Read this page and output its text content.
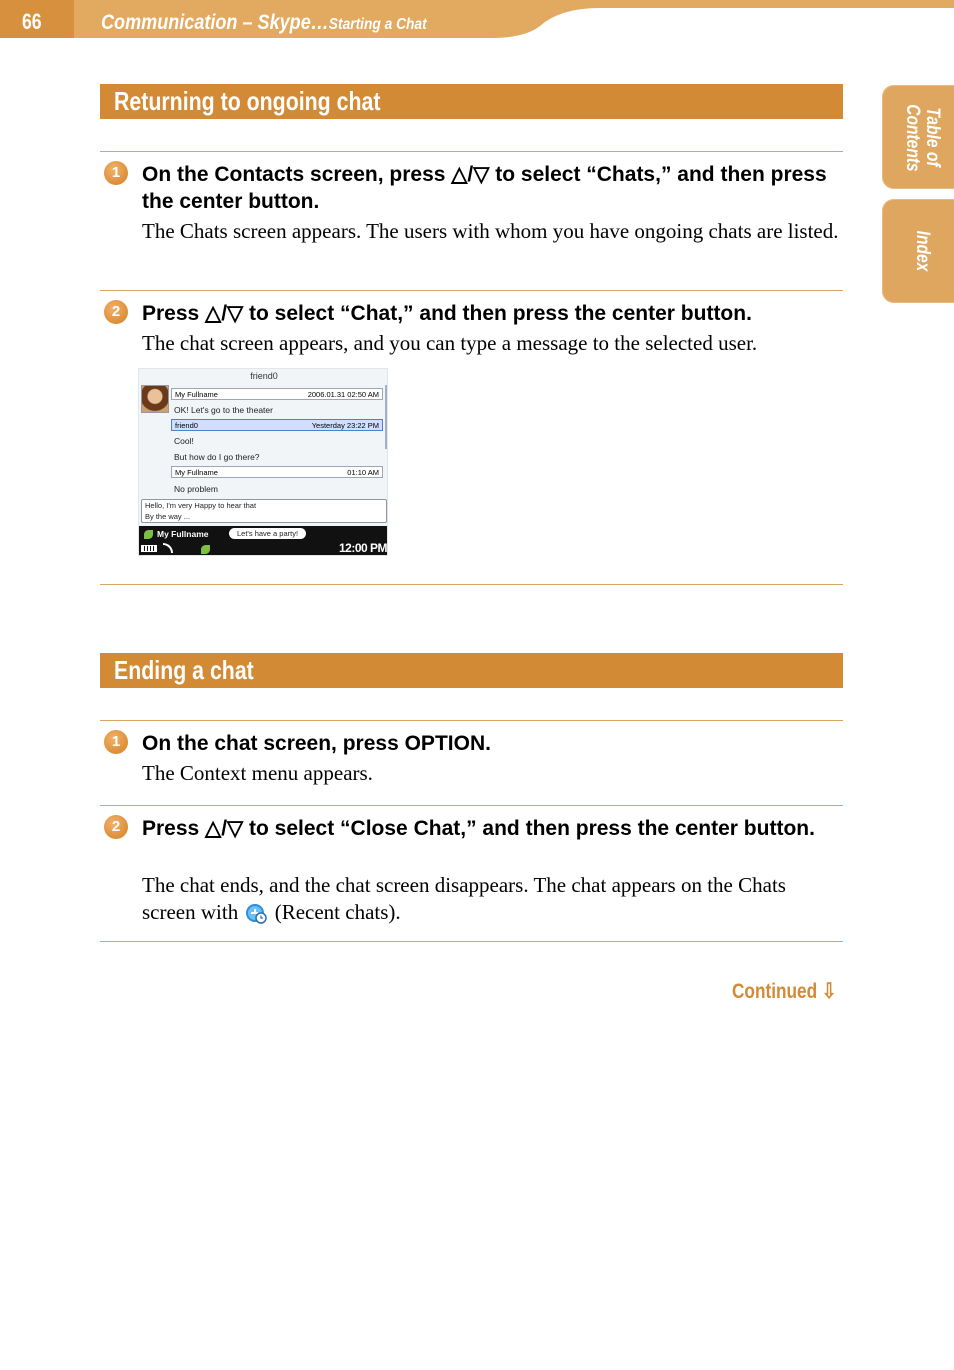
66	Communication – Skype…Starting a Chat
Table of Contents
Index
Returning to ongoing chat
1	On the Contacts screen, press △/▽ to select “Chats,” and then press the center button.

The Chats screen appears. The users with whom you have ongoing chats are listed.

2	Press △/▽ to select “Chat,” and then press the center button.

The chat screen appears, and you can type a message to the selected user.

friend0
My Fullname	2006.01.31 02:50 AM
OK! Let's go to the theater
friend0	Yesterday 23:22 PM
Cool!
But how do I go there?
My Fullname	01:10 AM
No problem
Hello, I'm very Happy to hear that
By the way ...
My Fullname	Let's have a party!
12:00 PM
Ending a chat
1	On the chat screen, press OPTION.

The Context menu appears.

2	Press △/▽ to select “Close Chat,” and then press the center button.

The chat ends, and the chat screen disappears. The chat appears on the Chats screen with (Recent chats).

Continued ⇩
